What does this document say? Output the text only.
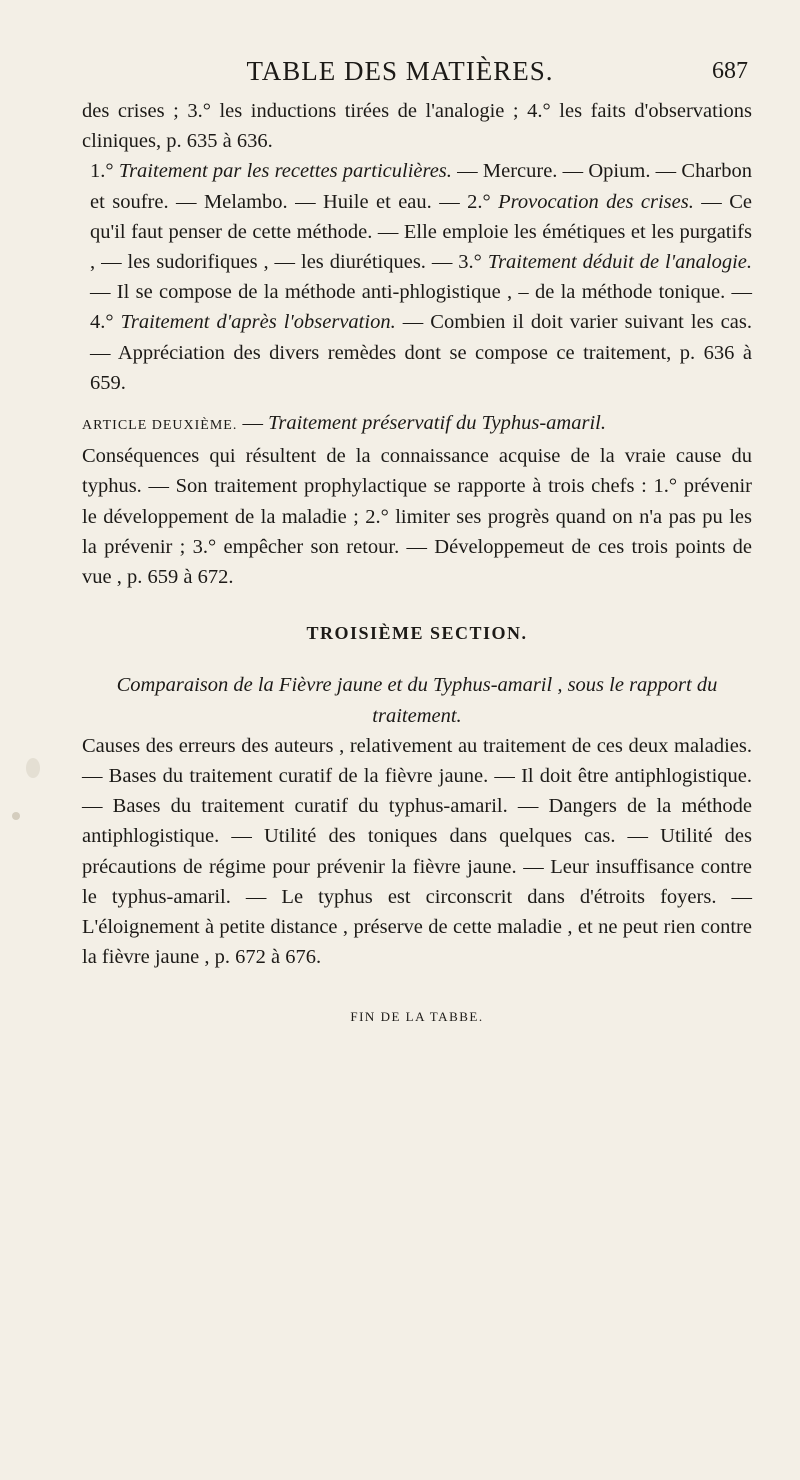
TABLE DES MATIÈRES.	687

des crises ; 3.° les inductions tirées de l'analogie ; 4.° les faits d'observations cliniques, p. 635 à 636.

1.° Traitement par les recettes particulières. — Mercure. — Opium. — Charbon et soufre. — Melambo. — Huile et eau. — 2.° Provocation des crises. — Ce qu'il faut penser de cette méthode. — Elle emploie les émétiques et les purgatifs , — les sudorifiques , — les diurétiques. — 3.° Traitement déduit de l'analogie. — Il se compose de la méthode anti-phlogistique , – de la méthode tonique. — 4.° Traitement d'après l'observation. — Combien il doit varier suivant les cas. — Appréciation des divers remèdes dont se compose ce traitement, p. 636 à 659.

ARTICLE DEUXIÈME. — Traitement préservatif du Typhus-amaril.

Conséquences qui résultent de la connaissance acquise de la vraie cause du typhus. — Son traitement prophylactique se rapporte à trois chefs : 1.° prévenir le développement de la maladie ; 2.° limiter ses progrès quand on n'a pas pu les la prévenir ; 3.° empêcher son retour. — Développemeut de ces trois points de vue , p. 659 à 672.

TROISIÈME SECTION.

Comparaison de la Fièvre jaune et du Typhus-amaril , sous le rapport du traitement.

Causes des erreurs des auteurs , relativement au traitement de ces deux maladies. — Bases du traitement curatif de la fièvre jaune. — Il doit être antiphlogistique. — Bases du traitement curatif du typhus-amaril. — Dangers de la méthode antiphlogistique. — Utilité des toniques dans quelques cas. — Utilité des précautions de régime pour prévenir la fièvre jaune. — Leur insuffisance contre le typhus-amaril. — Le typhus est circonscrit dans d'étroits foyers. — L'éloignement à petite distance , préserve de cette maladie , et ne peut rien contre la fièvre jaune , p. 672 à 676.

FIN DE LA TABBE.
